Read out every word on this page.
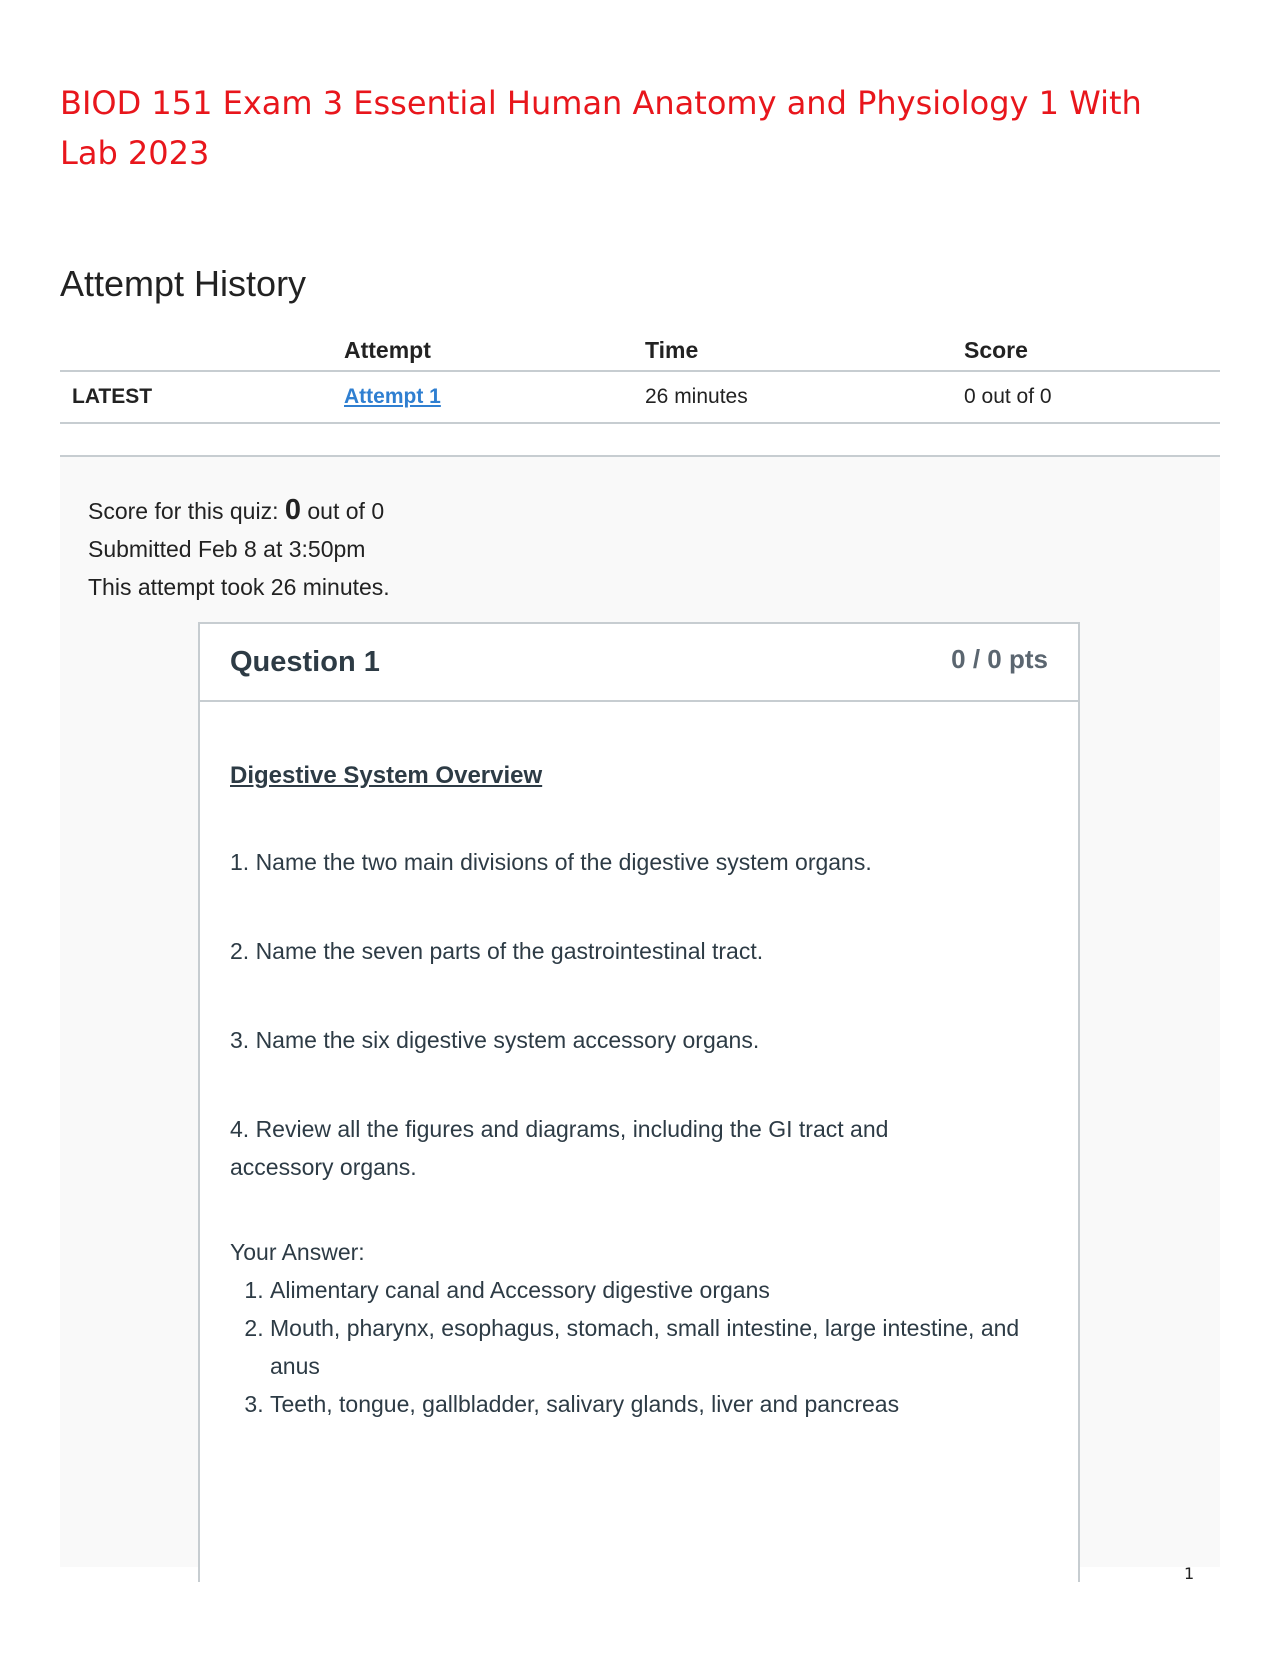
BIOD 151 Exam 3 Essential Human Anatomy and Physiology 1 With Lab 2023
Attempt History
	Attempt	Time	Score
LATEST	Attempt 1	26 minutes	0 out of 0
Score for this quiz: 0 out of 0
Submitted Feb 8 at 3:50pm
This attempt took 26 minutes.
Question 1	0 / 0 pts
Digestive System Overview
1. Name the two main divisions of the digestive system organs.
2. Name the seven parts of the gastrointestinal tract.
3. Name the six digestive system accessory organs.
4. Review all the figures and diagrams, including the GI tract and accessory organs.
Your Answer:
1. Alimentary canal and Accessory digestive organs
2. Mouth, pharynx, esophagus, stomach, small intestine, large intestine, and anus
3. Teeth, tongue, gallbladder, salivary glands, liver and pancreas
1
